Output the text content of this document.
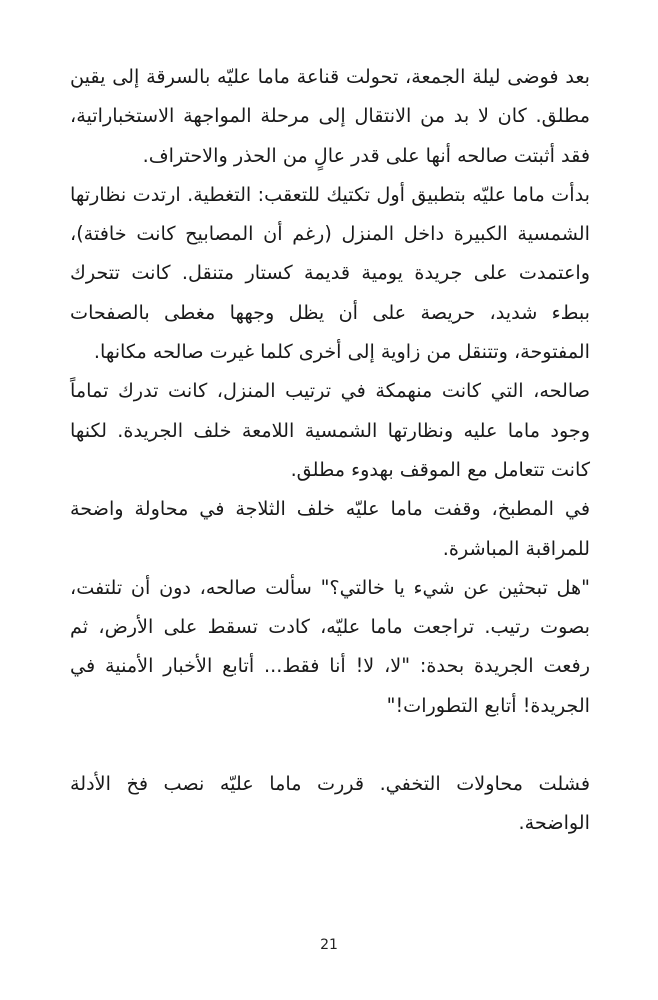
بعد فوضى ليلة الجمعة، تحولت قناعة ماما عليّه بالسرقة إلى يقين مطلق. كان لا بد من الانتقال إلى مرحلة المواجهة الاستخباراتية، فقد أثبتت صالحه أنها على قدر عالٍ من الحذر والاحتراف.

بدأت ماما عليّه بتطبيق أول تكتيك للتعقب: التغطية. ارتدت نظارتها الشمسية الكبيرة داخل المنزل (رغم أن المصابيح كانت خافتة)، واعتمدت على جريدة يومية قديمة كستار متنقل. كانت تتحرك ببطء شديد، حريصة على أن يظل وجهها مغطى بالصفحات المفتوحة، وتتنقل من زاوية إلى أخرى كلما غيرت صالحه مكانها.

صالحه، التي كانت منهمكة في ترتيب المنزل، كانت تدرك تماماً وجود ماما عليه ونظارتها الشمسية اللامعة خلف الجريدة. لكنها كانت تتعامل مع الموقف بهدوء مطلق.

في المطبخ، وقفت ماما عليّه خلف الثلاجة في محاولة واضحة للمراقبة المباشرة.

"هل تبحثين عن شيء يا خالتي؟" سألت صالحه، دون أن تلتفت، بصوت رتيب. تراجعت ماما عليّه، كادت تسقط على الأرض، ثم رفعت الجريدة بحدة: "لا، لا! أنا فقط... أتابع الأخبار الأمنية في الجريدة! أتابع التطورات!"

فشلت محاولات التخفي. قررت ماما عليّه نصب فخ الأدلة الواضحة.

21
